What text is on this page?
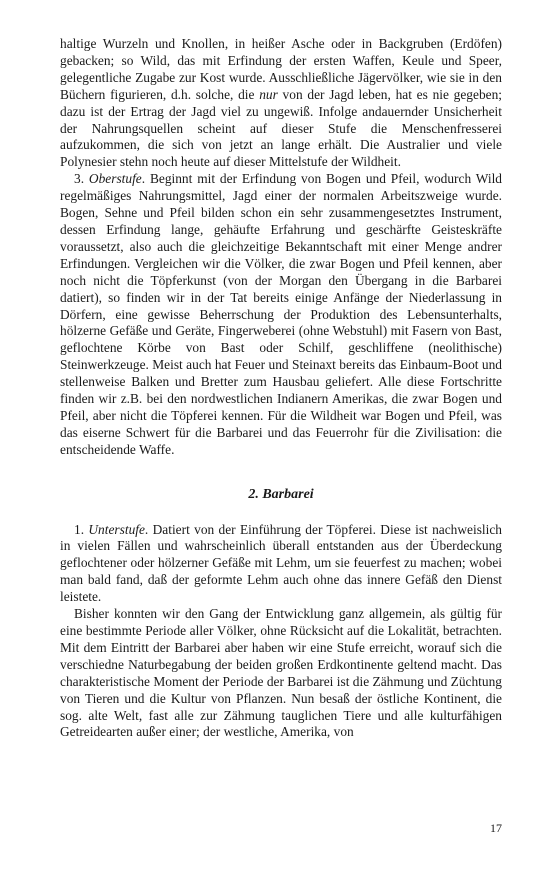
haltige Wurzeln und Knollen, in heißer Asche oder in Backgruben (Erdöfen) gebacken; so Wild, das mit Erfindung der ersten Waffen, Keule und Speer, gelegentliche Zugabe zur Kost wurde. Ausschließliche Jägervölker, wie sie in den Büchern figurieren, d.h. solche, die nur von der Jagd leben, hat es nie gegeben; dazu ist der Ertrag der Jagd viel zu ungewiß. Infolge andauernder Unsicherheit der Nahrungsquellen scheint auf dieser Stufe die Menschenfresserei aufzukommen, die sich von jetzt an lange erhält. Die Australier und viele Polynesier stehn noch heute auf dieser Mittelstufe der Wildheit.

3. Oberstufe. Beginnt mit der Erfindung von Bogen und Pfeil, wodurch Wild regelmäßiges Nahrungsmittel, Jagd einer der normalen Arbeitszweige wurde. Bogen, Sehne und Pfeil bilden schon ein sehr zusammengesetztes Instrument, dessen Erfindung lange, gehäufte Erfahrung und geschärfte Geisteskräfte voraussetzt, also auch die gleichzeitige Bekanntschaft mit einer Menge andrer Erfindungen. Vergleichen wir die Völker, die zwar Bogen und Pfeil kennen, aber noch nicht die Töpferkunst (von der Morgan den Übergang in die Barbarei datiert), so finden wir in der Tat bereits einige Anfänge der Niederlassung in Dörfern, eine gewisse Beherrschung der Produktion des Lebensunterhalts, hölzerne Gefäße und Geräte, Fingerweberei (ohne Webstuhl) mit Fasern von Bast, geflochtene Körbe von Bast oder Schilf, geschliffene (neolithische) Steinwerkzeuge. Meist auch hat Feuer und Steinaxt bereits das Einbaum-Boot und stellenweise Balken und Bretter zum Hausbau geliefert. Alle diese Fortschritte finden wir z.B. bei den nordwestlichen Indianern Amerikas, die zwar Bogen und Pfeil, aber nicht die Töpferei kennen. Für die Wildheit war Bogen und Pfeil, was das eiserne Schwert für die Barbarei und das Feuerrohr für die Zivilisation: die entscheidende Waffe.

2. Barbarei

1. Unterstufe. Datiert von der Einführung der Töpferei. Diese ist nachweislich in vielen Fällen und wahrscheinlich überall entstanden aus der Überdeckung geflochtener oder hölzerner Gefäße mit Lehm, um sie feuerfest zu machen; wobei man bald fand, daß der geformte Lehm auch ohne das innere Gefäß den Dienst leistete.

Bisher konnten wir den Gang der Entwicklung ganz allgemein, als gültig für eine bestimmte Periode aller Völker, ohne Rücksicht auf die Lokalität, betrachten. Mit dem Eintritt der Barbarei aber haben wir eine Stufe erreicht, worauf sich die verschiedne Naturbegabung der beiden großen Erdkontinente geltend macht. Das charakteristische Moment der Periode der Barbarei ist die Zähmung und Züchtung von Tieren und die Kultur von Pflanzen. Nun besaß der östliche Kontinent, die sog. alte Welt, fast alle zur Zähmung tauglichen Tiere und alle kulturfähigen Getreidearten außer einer; der westliche, Amerika, von

17
